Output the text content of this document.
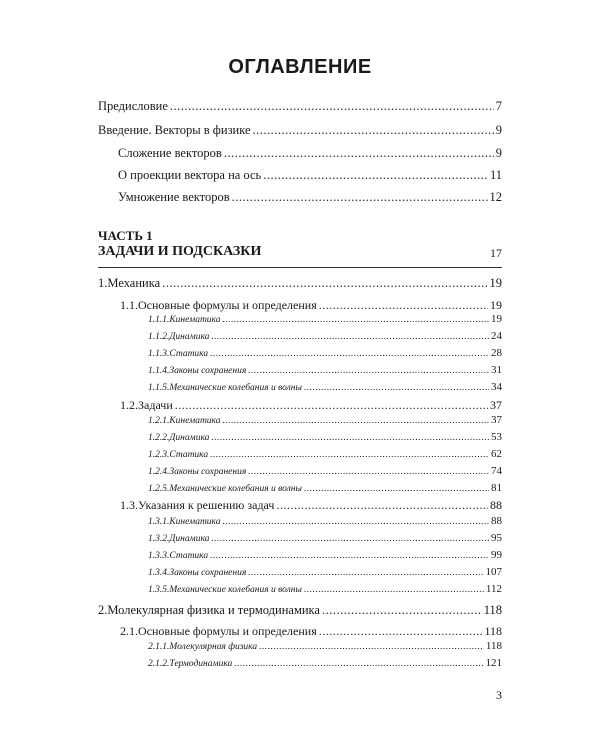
ОГЛАВЛЕНИЕ
Предисловие .....	7
Введение. Векторы в физике .....	9
Сложение векторов .....	9
О проекции вектора на ось .....	11
Умножение векторов .....	12
ЧАСТЬ 1
ЗАДАЧИ И ПОДСКАЗКИ	17
1. Механика .....	19
1.1. Основные формулы и определения .....	19
1.1.1. Кинематика .....	19
1.1.2. Динамика .....	24
1.1.3. Статика .....	28
1.1.4. Законы сохранения .....	31
1.1.5. Механические колебания и волны .....	34
1.2. Задачи .....	37
1.2.1. Кинематика .....	37
1.2.2. Динамика .....	53
1.2.3. Статика .....	62
1.2.4. Законы сохранения .....	74
1.2.5. Механические колебания и волны .....	81
1.3. Указания к решению задач .....	88
1.3.1. Кинематика .....	88
1.3.2. Динамика .....	95
1.3.3. Статика .....	99
1.3.4. Законы сохранения .....	107
1.3.5. Механические колебания и волны .....	112
2. Молекулярная физика и термодинамика .....	118
2.1. Основные формулы и определения .....	118
2.1.1. Молекулярная физика .....	118
2.1.2. Термодинамика .....	121
3
